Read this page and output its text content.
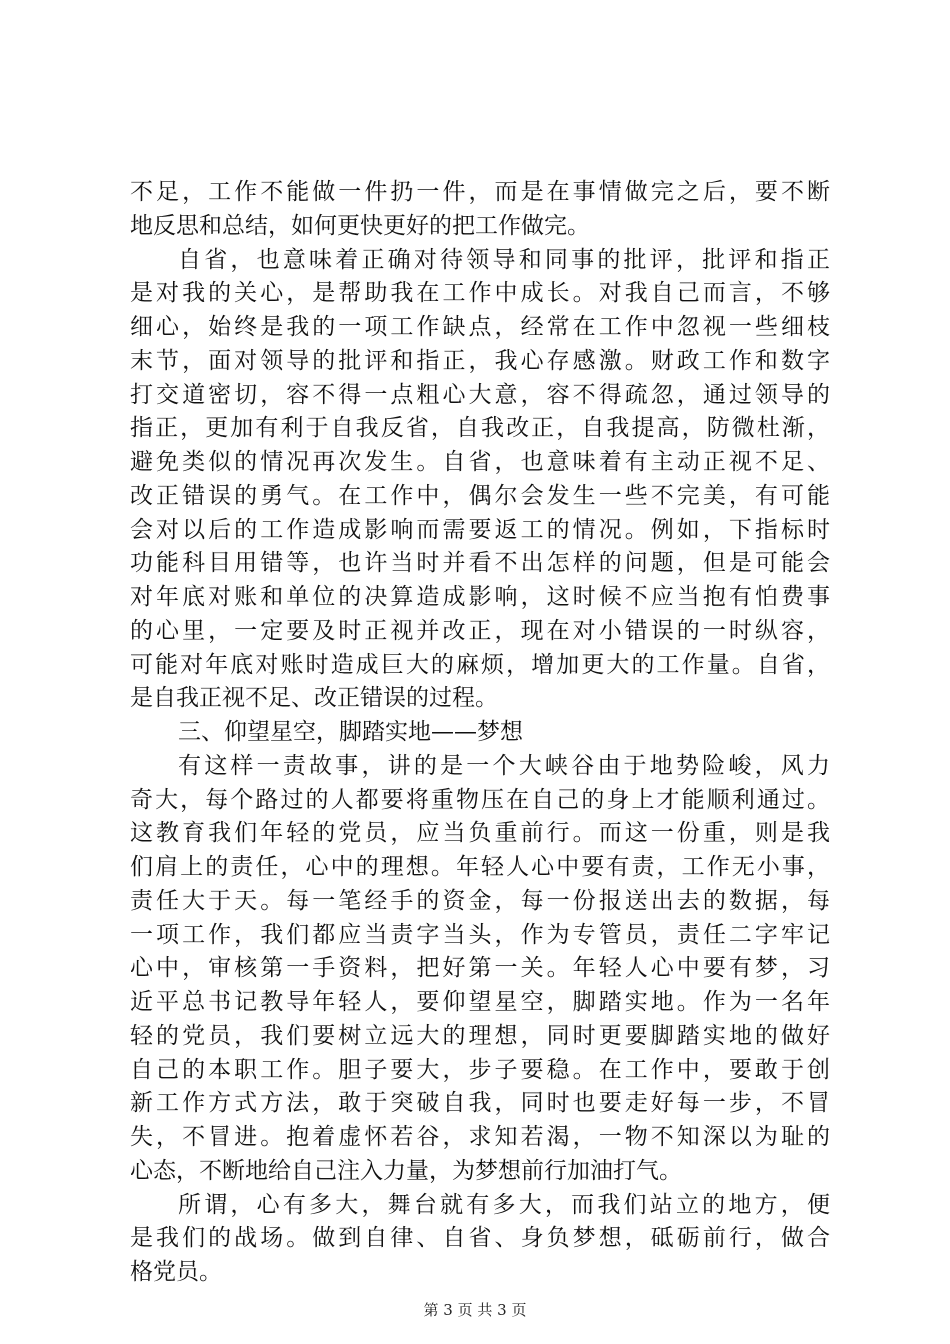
不足，工作不能做一件扔一件，而是在事情做完之后，要不断
地反思和总结，如何更快更好的把工作做完。
自省，也意味着正确对待领导和同事的批评，批评和指正
是对我的关心，是帮助我在工作中成长。对我自己而言，不够
细心，始终是我的一项工作缺点，经常在工作中忽视一些细枝
末节，面对领导的批评和指正，我心存感激。财政工作和数字
打交道密切，容不得一点粗心大意，容不得疏忽，通过领导的
指正，更加有利于自我反省，自我改正，自我提高，防微杜渐，
避免类似的情况再次发生。自省，也意味着有主动正视不足、
改正错误的勇气。在工作中，偶尔会发生一些不完美，有可能
会对以后的工作造成影响而需要返工的情况。例如，下指标时
功能科目用错等，也许当时并看不出怎样的问题，但是可能会
对年底对账和单位的决算造成影响，这时候不应当抱有怕费事
的心里，一定要及时正视并改正，现在对小错误的一时纵容，
可能对年底对账时造成巨大的麻烦，增加更大的工作量。自省，
是自我正视不足、改正错误的过程。
三、仰望星空，脚踏实地——梦想
有这样一责故事，讲的是一个大峡谷由于地势险峻，风力
奇大，每个路过的人都要将重物压在自己的身上才能顺利通过。
这教育我们年轻的党员，应当负重前行。而这一份重，则是我
们肩上的责任，心中的理想。年轻人心中要有责，工作无小事，
责任大于天。每一笔经手的资金，每一份报送出去的数据，每
一项工作，我们都应当责字当头，作为专管员，责任二字牢记
心中，审核第一手资料，把好第一关。年轻人心中要有梦，习
近平总书记教导年轻人，要仰望星空，脚踏实地。作为一名年
轻的党员，我们要树立远大的理想，同时更要脚踏实地的做好
自己的本职工作。胆子要大，步子要稳。在工作中，要敢于创
新工作方式方法，敢于突破自我，同时也要走好每一步，不冒
失，不冒进。抱着虚怀若谷，求知若渴，一物不知深以为耻的
心态，不断地给自己注入力量，为梦想前行加油打气。
所谓，心有多大，舞台就有多大，而我们站立的地方，便
是我们的战场。做到自律、自省、身负梦想，砥砺前行，做合
格党员。
第 3 页 共 3 页
